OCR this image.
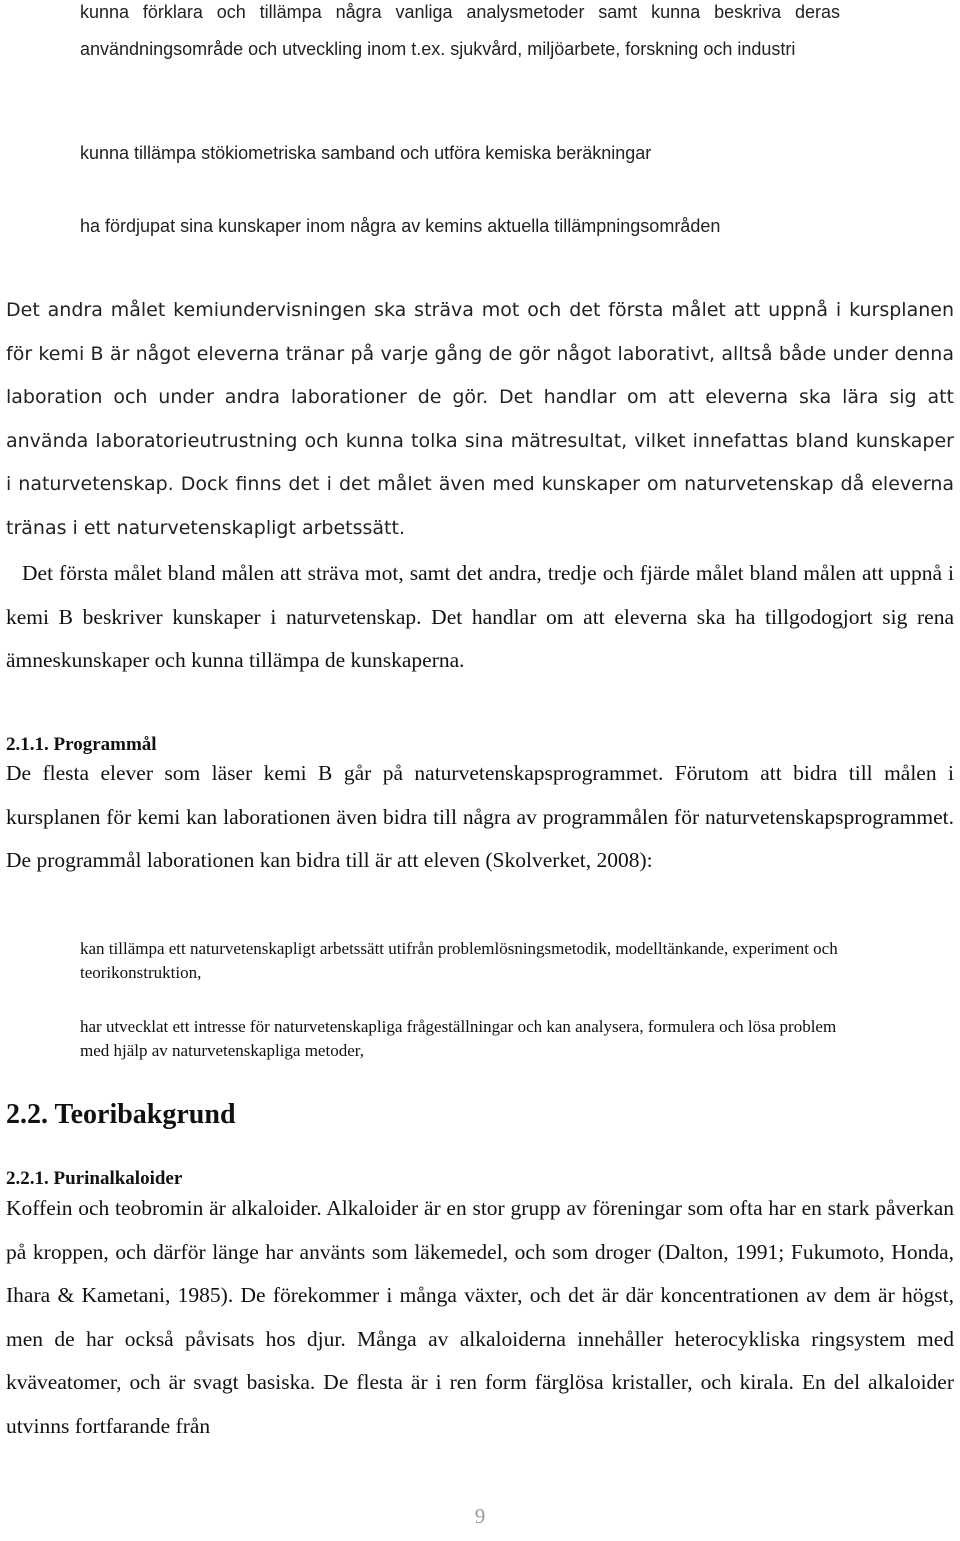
kunna förklara och tillämpa några vanliga analysmetoder samt kunna beskriva deras användningsområde och utveckling inom t.ex. sjukvård, miljöarbete, forskning och industri

kunna tillämpa stökiometriska samband och utföra kemiska beräkningar

ha fördjupat sina kunskaper inom några av kemins aktuella tillämpningsområden

Det andra målet kemiundervisningen ska sträva mot och det första målet att uppnå i kursplanen för kemi B är något eleverna tränar på varje gång de gör något laborativt, alltså både under denna laboration och under andra laborationer de gör. Det handlar om att eleverna ska lära sig att använda laboratorieutrustning och kunna tolka sina mätresultat, vilket innefattas bland kunskaper i naturvetenskap. Dock finns det i det målet även med kunskaper om naturvetenskap då eleverna tränas i ett naturvetenskapligt arbetssätt.

Det första målet bland målen att sträva mot, samt det andra, tredje och fjärde målet bland målen att uppnå i kemi B beskriver kunskaper i naturvetenskap. Det handlar om att eleverna ska ha tillgodogjort sig rena ämneskunskaper och kunna tillämpa de kunskaperna.

2.1.1. Programmål

De flesta elever som läser kemi B går på naturvetenskapsprogrammet. Förutom att bidra till målen i kursplanen för kemi kan laborationen även bidra till några av programmålen för naturvetenskapsprogrammet. De programmål laborationen kan bidra till är att eleven (Skolverket, 2008):

kan tillämpa ett naturvetenskapligt arbetssätt utifrån problemlösningsmetodik, modelltänkande, experiment och teorikonstruktion,

har utvecklat ett intresse för naturvetenskapliga frågeställningar och kan analysera, formulera och lösa problem med hjälp av naturvetenskapliga metoder,

2.2. Teoribakgrund

2.2.1. Purinalkaloider

Koffein och teobromin är alkaloider. Alkaloider är en stor grupp av föreningar som ofta har en stark påverkan på kroppen, och därför länge har använts som läkemedel, och som droger (Dalton, 1991; Fukumoto, Honda, Ihara & Kametani, 1985). De förekommer i många växter, och det är där koncentrationen av dem är högst, men de har också påvisats hos djur. Många av alkaloiderna innehåller heterocykliska ringsystem med kväveatomer, och är svagt basiska. De flesta är i ren form färglösa kristaller, och kirala. En del alkaloider utvinns fortfarande från

9
